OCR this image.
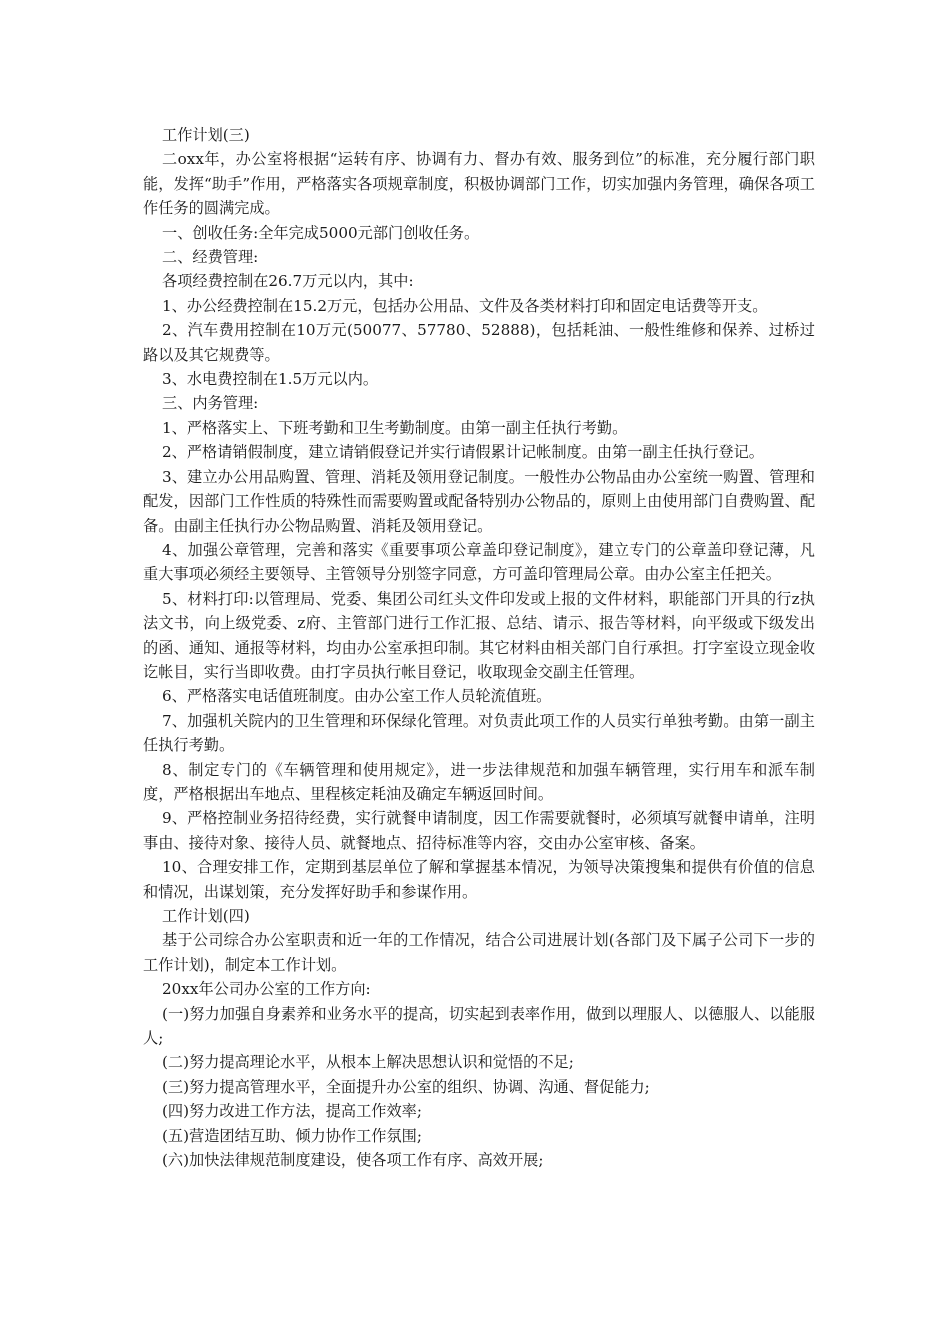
工作计划(三)

二oxx年，办公室将根据“运转有序、协调有力、督办有效、服务到位”的标准，充分履行部门职能，发挥“助手”作用，严格落实各项规章制度，积极协调部门工作，切实加强内务管理，确保各项工作任务的圆满完成。

一、创收任务:全年完成5000元部门创收任务。

二、经费管理:

各项经费控制在26.7万元以内，其中:

1、办公经费控制在15.2万元，包括办公用品、文件及各类材料打印和固定电话费等开支。

2、汽车费用控制在10万元(50077、57780、52888)，包括耗油、一般性维修和保养、过桥过路以及其它规费等。

3、水电费控制在1.5万元以内。

三、内务管理:

1、严格落实上、下班考勤和卫生考勤制度。由第一副主任执行考勤。

2、严格请销假制度，建立请销假登记并实行请假累计记帐制度。由第一副主任执行登记。

3、建立办公用品购置、管理、消耗及领用登记制度。一般性办公物品由办公室统一购置、管理和配发，因部门工作性质的特殊性而需要购置或配备特别办公物品的，原则上由使用部门自费购置、配备。由副主任执行办公物品购置、消耗及领用登记。

4、加强公章管理，完善和落实《重要事项公章盖印登记制度》，建立专门的公章盖印登记薄，凡重大事项必须经主要领导、主管领导分别签字同意，方可盖印管理局公章。由办公室主任把关。

5、材料打印:以管理局、党委、集团公司红头文件印发或上报的文件材料，职能部门开具的行z执法文书，向上级党委、z府、主管部门进行工作汇报、总结、请示、报告等材料，向平级或下级发出的函、通知、通报等材料，均由办公室承担印制。其它材料由相关部门自行承担。打字室设立现金收讫帐目，实行当即收费。由打字员执行帐目登记，收取现金交副主任管理。

6、严格落实电话值班制度。由办公室工作人员轮流值班。

7、加强机关院内的卫生管理和环保绿化管理。对负责此项工作的人员实行单独考勤。由第一副主任执行考勤。

8、制定专门的《车辆管理和使用规定》，进一步法律规范和加强车辆管理，实行用车和派车制度，严格根据出车地点、里程核定耗油及确定车辆返回时间。

9、严格控制业务招待经费，实行就餐申请制度，因工作需要就餐时，必须填写就餐申请单，注明事由、接待对象、接待人员、就餐地点、招待标准等内容，交由办公室审核、备案。

10、合理安排工作，定期到基层单位了解和掌握基本情况，为领导决策搜集和提供有价值的信息和情况，出谋划策，充分发挥好助手和参谋作用。

工作计划(四)

基于公司综合办公室职责和近一年的工作情况，结合公司进展计划(各部门及下属子公司下一步的工作计划)，制定本工作计划。

20xx年公司办公室的工作方向:

(一)努力加强自身素养和业务水平的提高，切实起到表率作用，做到以理服人、以德服人、以能服人;

(二)努力提高理论水平，从根本上解决思想认识和觉悟的不足;

(三)努力提高管理水平，全面提升办公室的组织、协调、沟通、督促能力;

(四)努力改进工作方法，提高工作效率;

(五)营造团结互助、倾力协作工作氛围;

(六)加快法律规范制度建设，使各项工作有序、高效开展;
